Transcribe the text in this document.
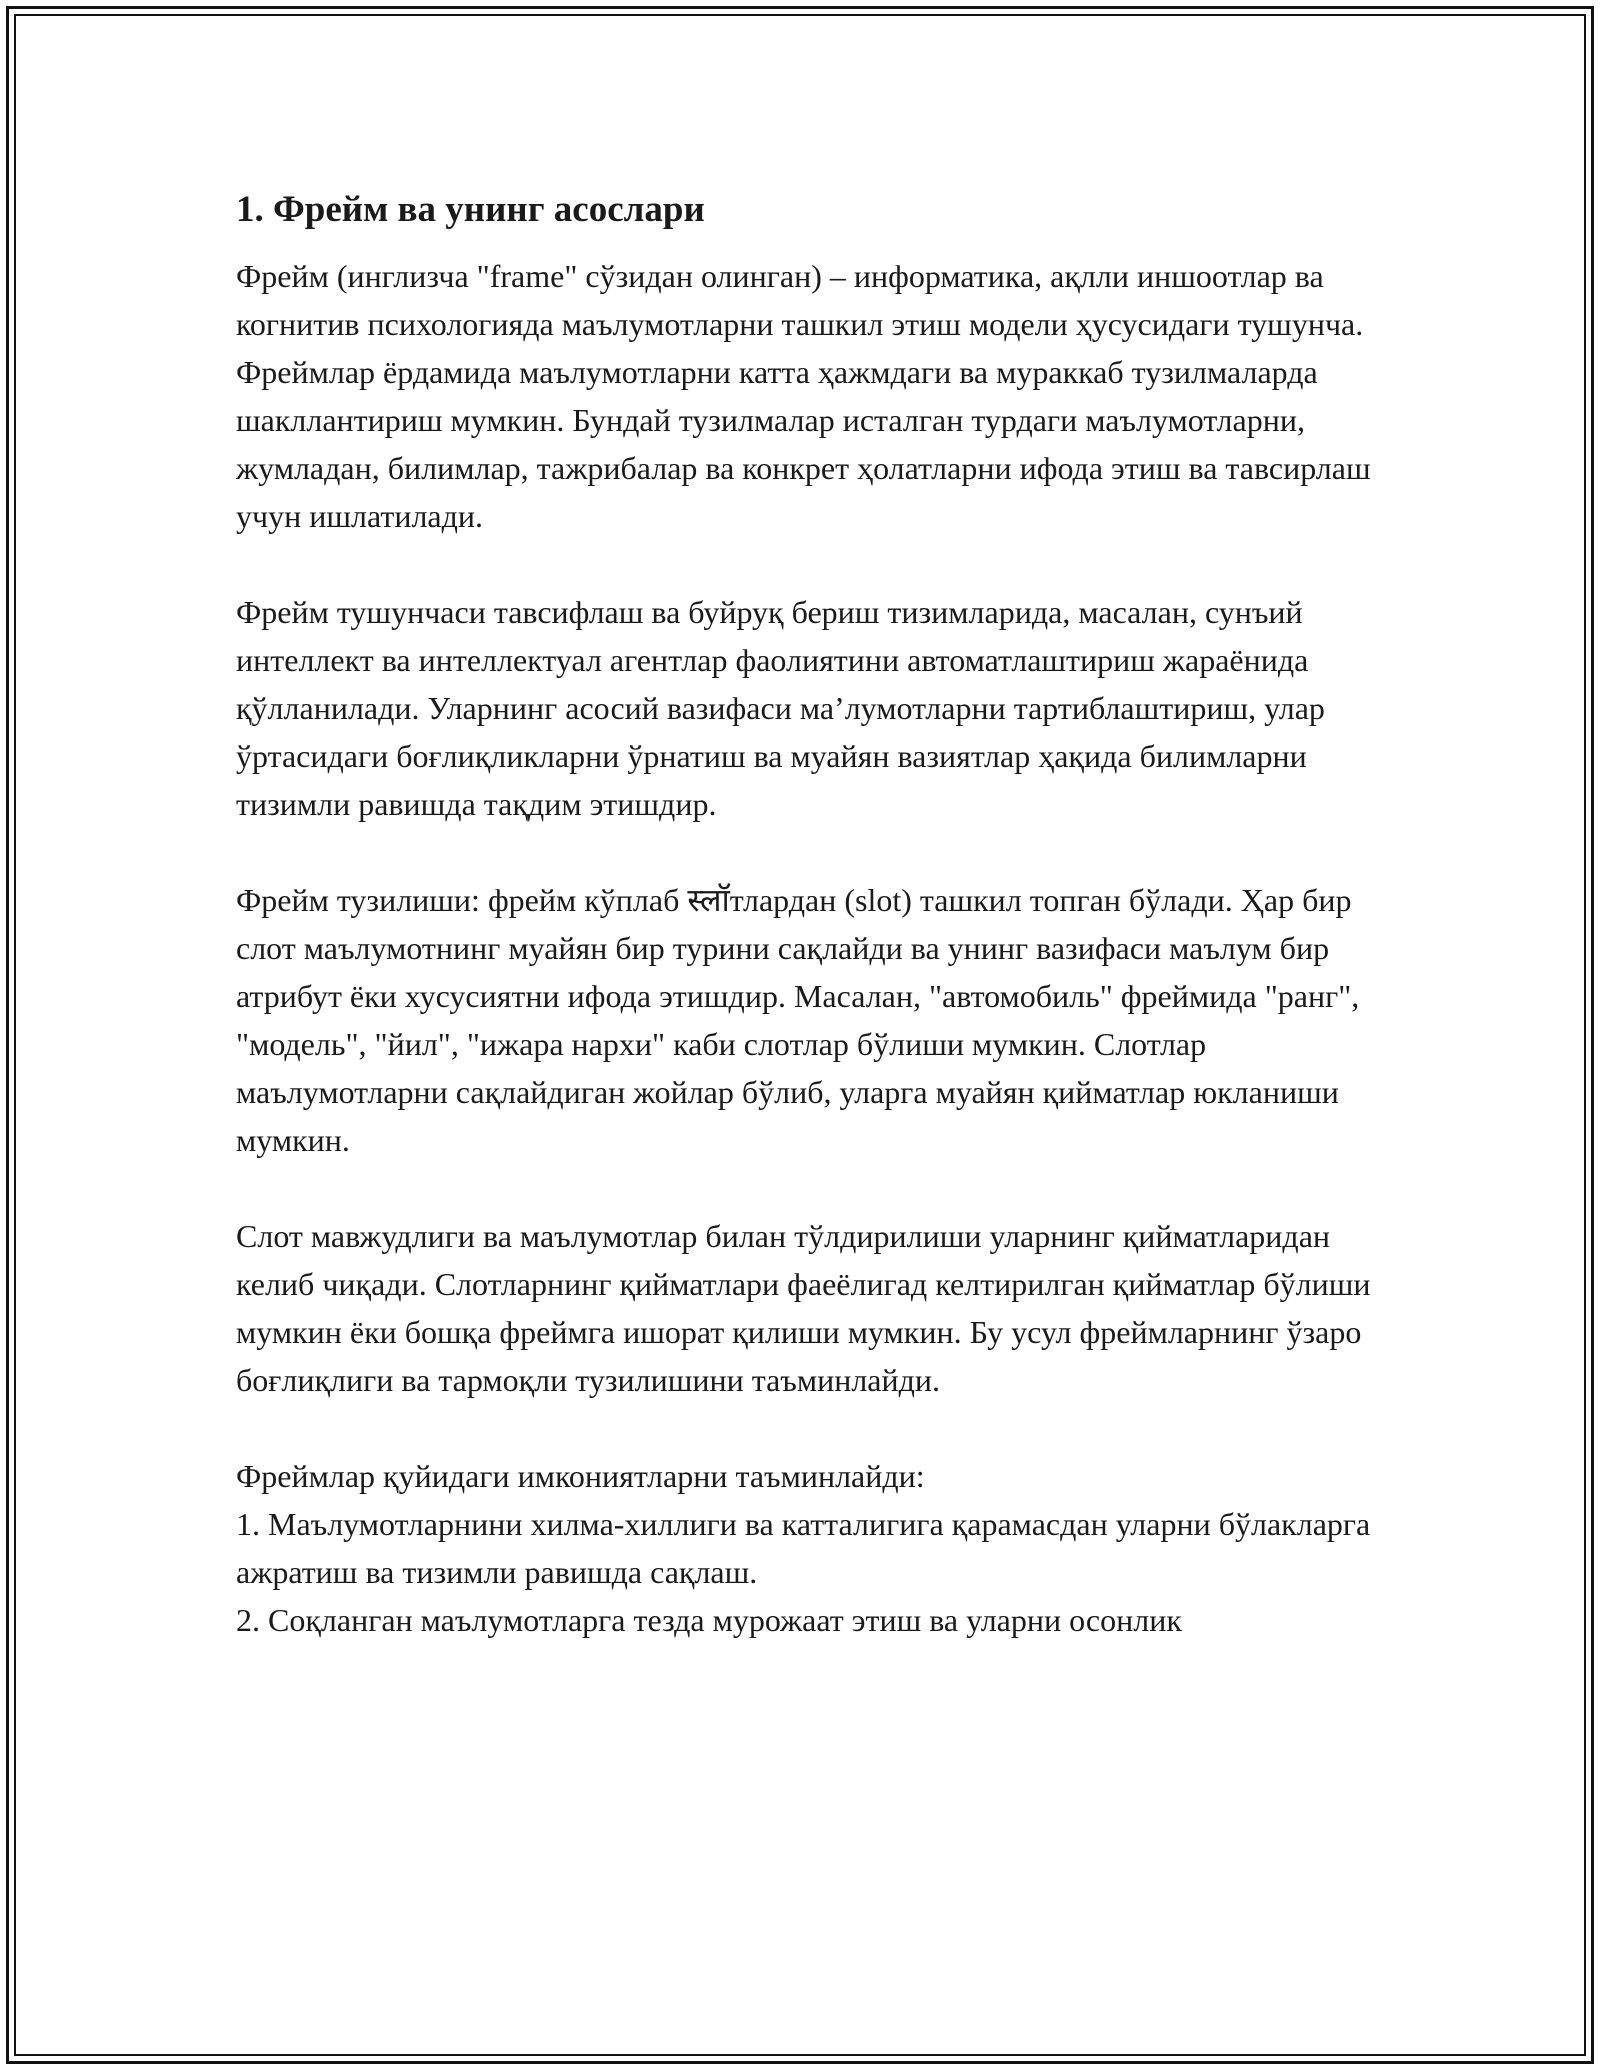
1. Фрейм ва унинг асослари

Фрейм (инглизча "frame" сўзидан олинган) – информатика, ақлли иншоотлар ва когнитив психологияда маълумотларни ташкил этиш модели ҳусусидаги тушунча. Фреймлар ёрдамида маълумотларни катта ҳажмдаги ва мураккаб тузилмаларда шакллантириш мумкин. Бундай тузилмалар исталган турдаги маълумотларни, жумладан, билимлар, тажрибалар ва конкрет ҳолатларни ифода этиш ва тавсирлаш учун ишлатилади.

Фрейм тушунчаси тавсифлаш ва буйруқ бериш тизимларида, масалан, сунъий интеллект ва интеллектуал агентлар фаолиятини автоматлаштириш жараёнида қўлланилади. Уларнинг асосий вазифаси ма’лумотларни тартиблаштириш, улар ўртасидаги боғлиқликларни ўрнатиш ва муайян вазиятлар ҳақида билимларни тизимли равишда тақдим этишдир.

Фрейм тузилиши: фрейм кўплаб स्लॉтлардан (slot) ташкил топган бўлади. Ҳар бир слот маълумотнинг муайян бир турини сақлайди ва унинг вазифаси маълум бир атрибут ёки хусусиятни ифода этишдир. Масалан, "автомобиль" фреймида "ранг", "модель", "йил", "ижара нархи" каби слотлар бўлиши мумкин. Слотлар маълумотларни сақлайдиган жойлар бўлиб, уларга муайян қийматлар юкланиши мумкин.

Слот мавжудлиги ва маълумотлар билан тўлдирилиши уларнинг қийматларидан келиб чиқади. Слотларнинг қийматлари фаеёлигад келтирилган қийматлар бўлиши мумкин ёки бошқа фреймга ишорат қилиши мумкин. Бу усул фреймларнинг ўзаро боғлиқлиги ва тармоқли тузилишини таъминлайди.

Фреймлар қуйидаги имкониятларни таъминлайди:

1. Маълумотларнини хилма-хиллиги ва катталигига қарамасдан уларни бўлакларга ажратиш ва тизимли равишда сақлаш.
2. Соқланган маълумотларга тезда мурожаат этиш ва уларни осонлик
